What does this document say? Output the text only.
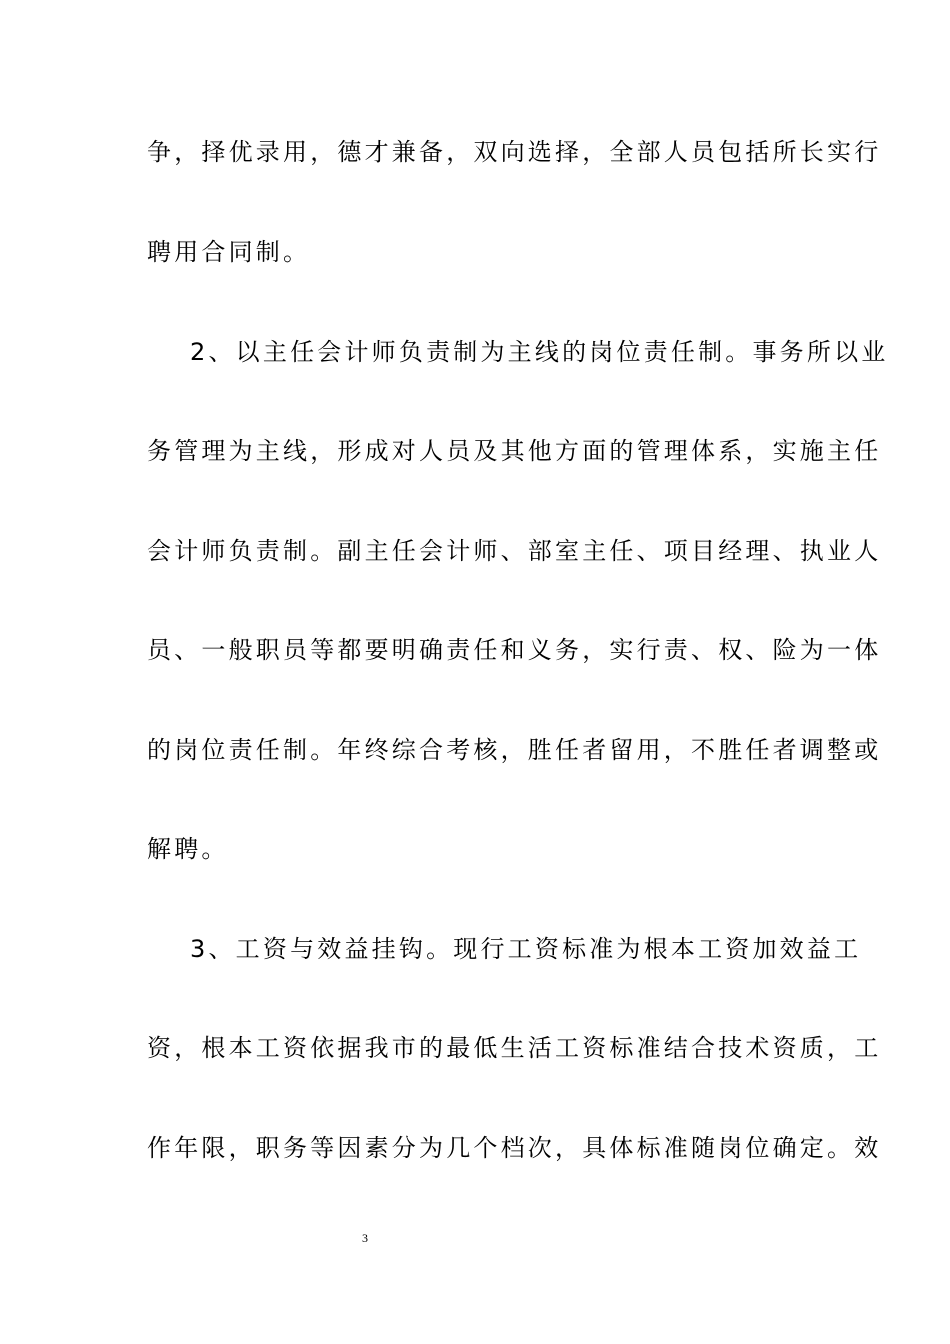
争，择优录用，德才兼备，双向选择，全部人员包括所长实行
聘用合同制。
2、以主任会计师负责制为主线的岗位责任制。事务所以业
务管理为主线，形成对人员及其他方面的管理体系，实施主任
会计师负责制。副主任会计师、部室主任、项目经理、执业人
员、一般职员等都要明确责任和义务，实行责、权、险为一体
的岗位责任制。年终综合考核，胜任者留用，不胜任者调整或
解聘。
3、工资与效益挂钩。现行工资标准为根本工资加效益工
资，根本工资依据我市的最低生活工资标准结合技术资质，工
作年限，职务等因素分为几个档次，具体标准随岗位确定。效
3
